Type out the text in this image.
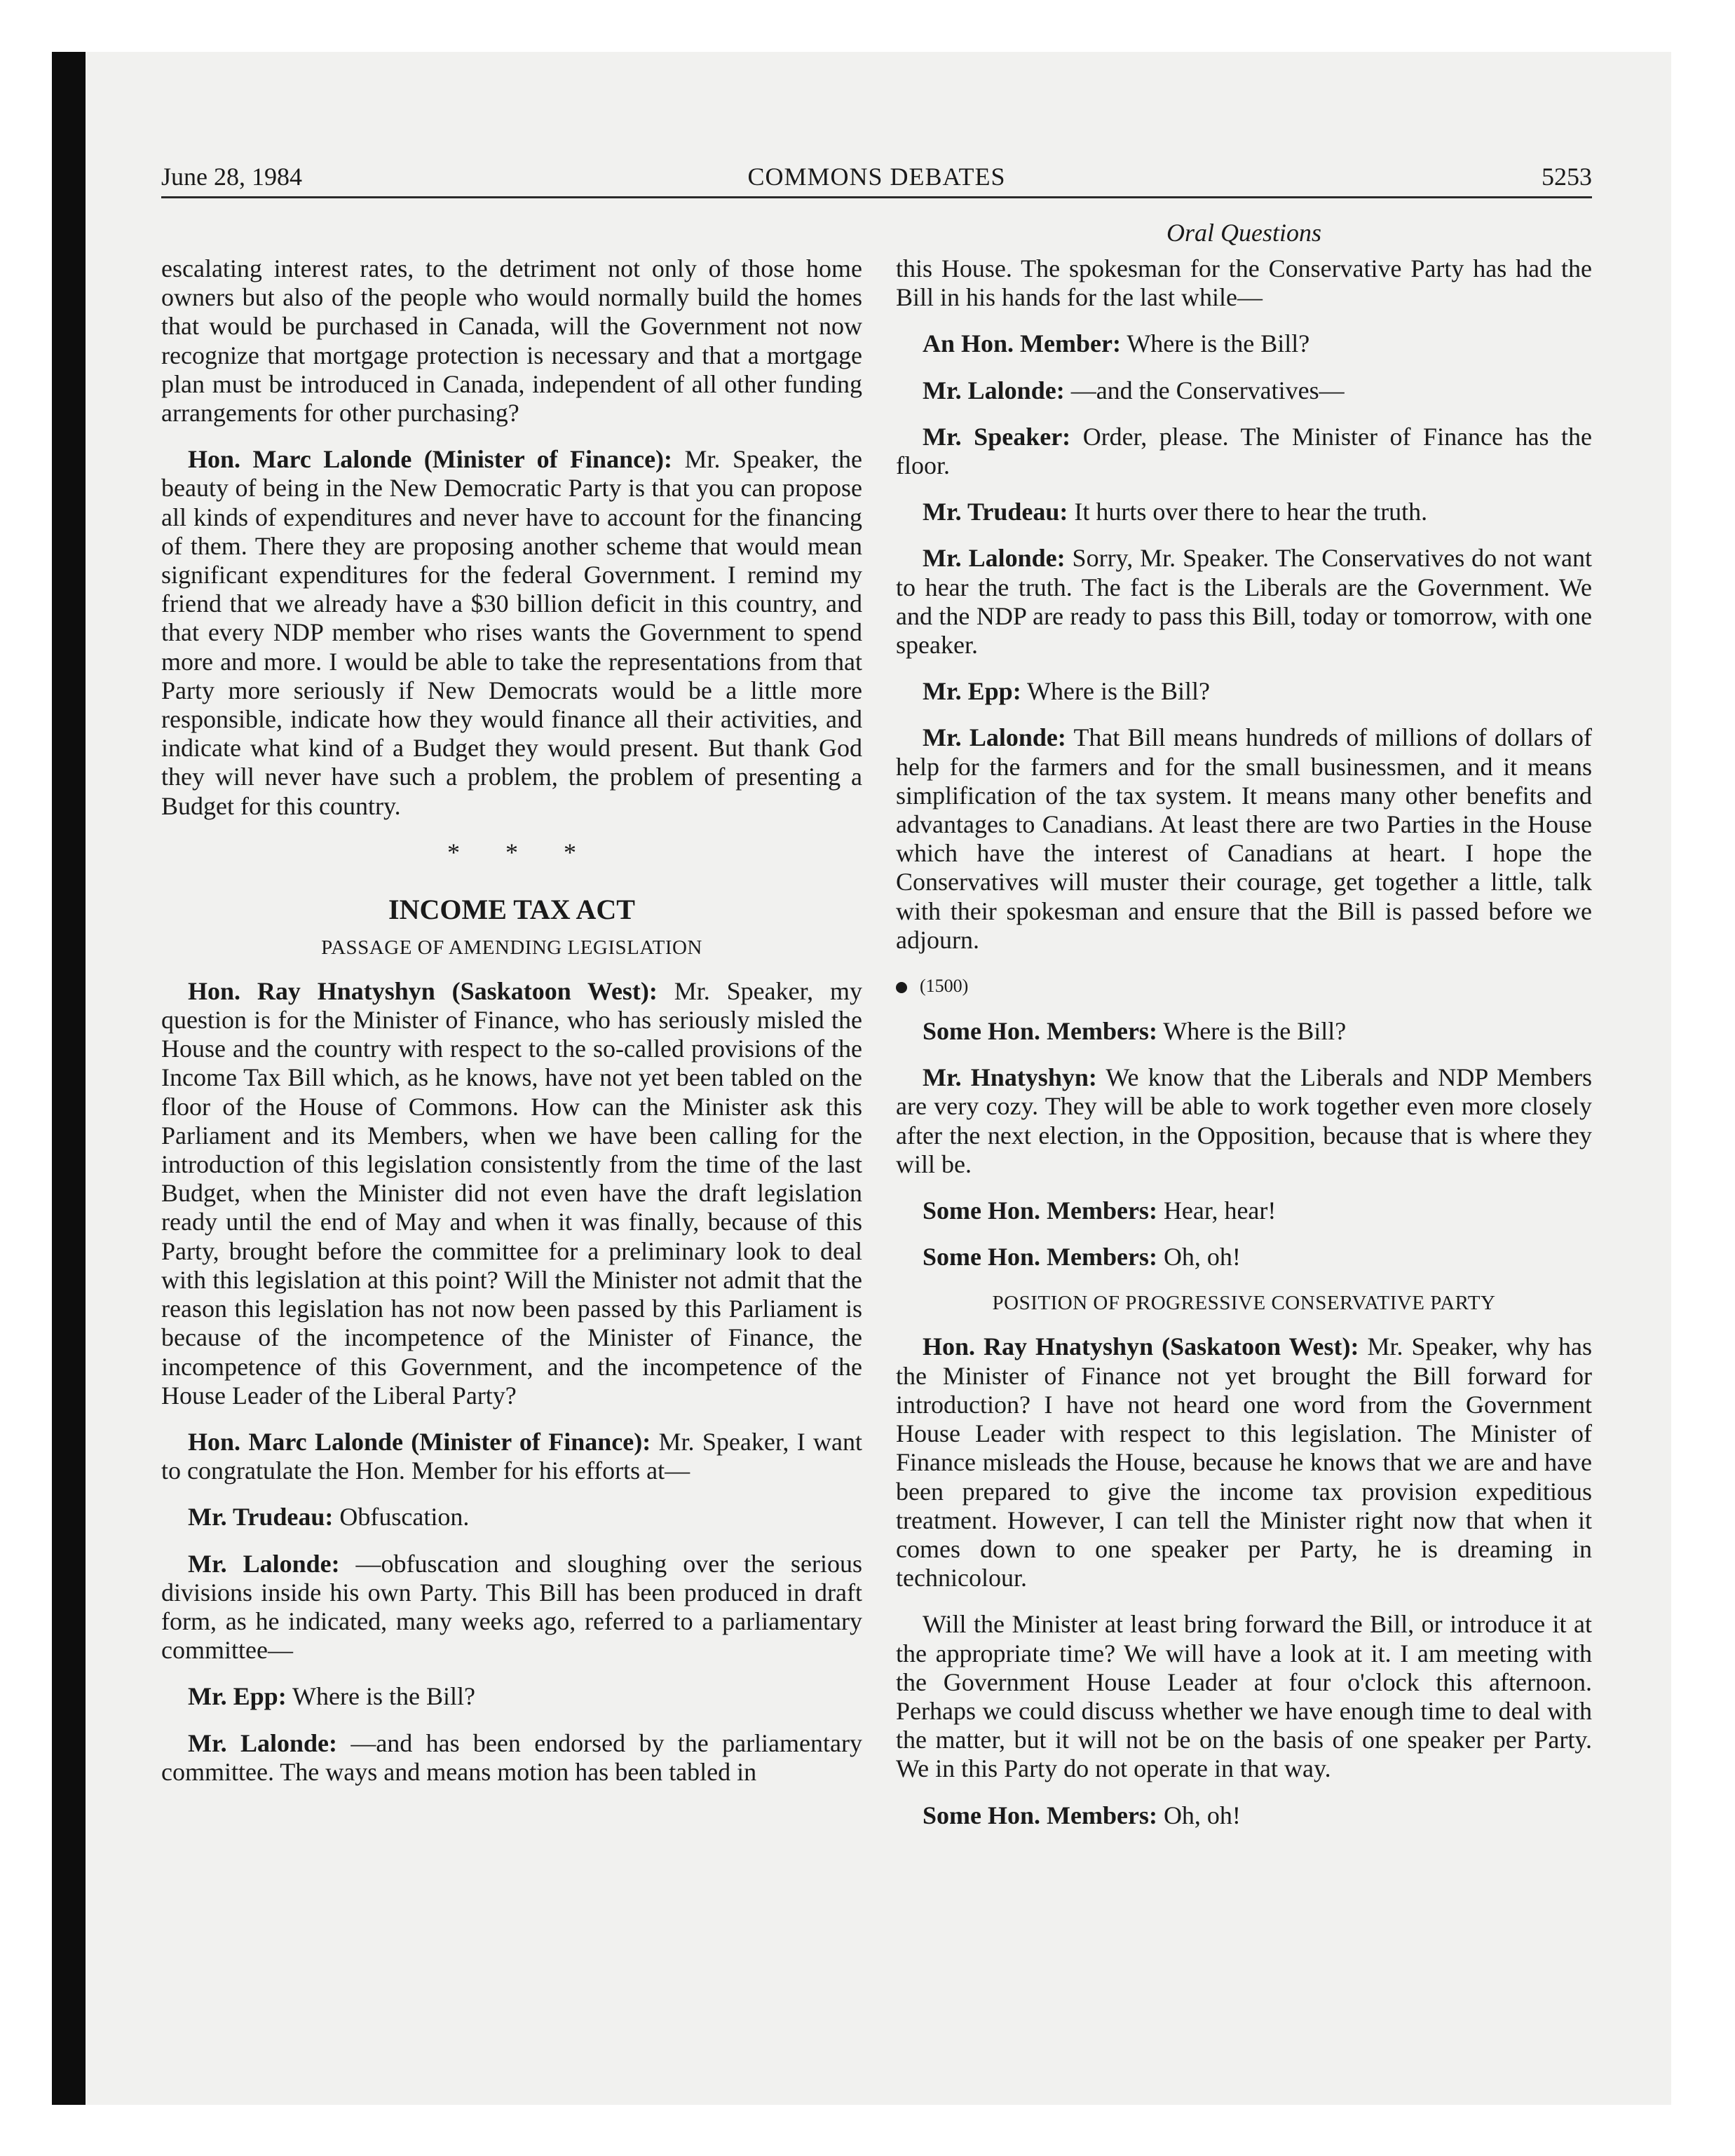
June 28, 1984	COMMONS DEBATES	5253
Oral Questions

escalating interest rates, to the detriment not only of those home owners but also of the people who would normally build the homes that would be purchased in Canada, will the Government not now recognize that mortgage protection is necessary and that a mortgage plan must be introduced in Canada, independent of all other funding arrangements for other purchasing?

Hon. Marc Lalonde (Minister of Finance): Mr. Speaker, the beauty of being in the New Democratic Party is that you can propose all kinds of expenditures and never have to account for the financing of them. There they are proposing another scheme that would mean significant expenditures for the federal Government. I remind my friend that we already have a $30 billion deficit in this country, and that every NDP member who rises wants the Government to spend more and more. I would be able to take the representations from that Party more seriously if New Democrats would be a little more responsible, indicate how they would finance all their activities, and indicate what kind of a Budget they would present. But thank God they will never have such a problem, the problem of presenting a Budget for this country.

* * *
INCOME TAX ACT
PASSAGE OF AMENDING LEGISLATION

Hon. Ray Hnatyshyn (Saskatoon West): Mr. Speaker, my question is for the Minister of Finance, who has seriously misled the House and the country with respect to the so-called provisions of the Income Tax Bill which, as he knows, have not yet been tabled on the floor of the House of Commons. How can the Minister ask this Parliament and its Members, when we have been calling for the introduction of this legislation consistently from the time of the last Budget, when the Minister did not even have the draft legislation ready until the end of May and when it was finally, because of this Party, brought before the committee for a preliminary look to deal with this legislation at this point? Will the Minister not admit that the reason this legislation has not now been passed by this Parliament is because of the incompetence of the Minister of Finance, the incompetence of this Government, and the incompetence of the House Leader of the Liberal Party?

Hon. Marc Lalonde (Minister of Finance): Mr. Speaker, I want to congratulate the Hon. Member for his efforts at—

Mr. Trudeau: Obfuscation.

Mr. Lalonde: —obfuscation and sloughing over the serious divisions inside his own Party. This Bill has been produced in draft form, as he indicated, many weeks ago, referred to a parliamentary committee—

Mr. Epp: Where is the Bill?

Mr. Lalonde: —and has been endorsed by the parliamentary committee. The ways and means motion has been tabled in

this House. The spokesman for the Conservative Party has had the Bill in his hands for the last while—

An Hon. Member: Where is the Bill?

Mr. Lalonde: —and the Conservatives—

Mr. Speaker: Order, please. The Minister of Finance has the floor.

Mr. Trudeau: It hurts over there to hear the truth.

Mr. Lalonde: Sorry, Mr. Speaker. The Conservatives do not want to hear the truth. The fact is the Liberals are the Government. We and the NDP are ready to pass this Bill, today or tomorrow, with one speaker.

Mr. Epp: Where is the Bill?

Mr. Lalonde: That Bill means hundreds of millions of dollars of help for the farmers and for the small businessmen, and it means simplification of the tax system. It means many other benefits and advantages to Canadians. At least there are two Parties in the House which have the interest of Canadians at heart. I hope the Conservatives will muster their courage, get together a little, talk with their spokesman and ensure that the Bill is passed before we adjourn.

(1500)

Some Hon. Members: Where is the Bill?

Mr. Hnatyshyn: We know that the Liberals and NDP Members are very cozy. They will be able to work together even more closely after the next election, in the Opposition, because that is where they will be.

Some Hon. Members: Hear, hear!

Some Hon. Members: Oh, oh!

POSITION OF PROGRESSIVE CONSERVATIVE PARTY

Hon. Ray Hnatyshyn (Saskatoon West): Mr. Speaker, why has the Minister of Finance not yet brought the Bill forward for introduction? I have not heard one word from the Government House Leader with respect to this legislation. The Minister of Finance misleads the House, because he knows that we are and have been prepared to give the income tax provision expeditious treatment. However, I can tell the Minister right now that when it comes down to one speaker per Party, he is dreaming in technicolour.

Will the Minister at least bring forward the Bill, or introduce it at the appropriate time? We will have a look at it. I am meeting with the Government House Leader at four o'clock this afternoon. Perhaps we could discuss whether we have enough time to deal with the matter, but it will not be on the basis of one speaker per Party. We in this Party do not operate in that way.

Some Hon. Members: Oh, oh!
